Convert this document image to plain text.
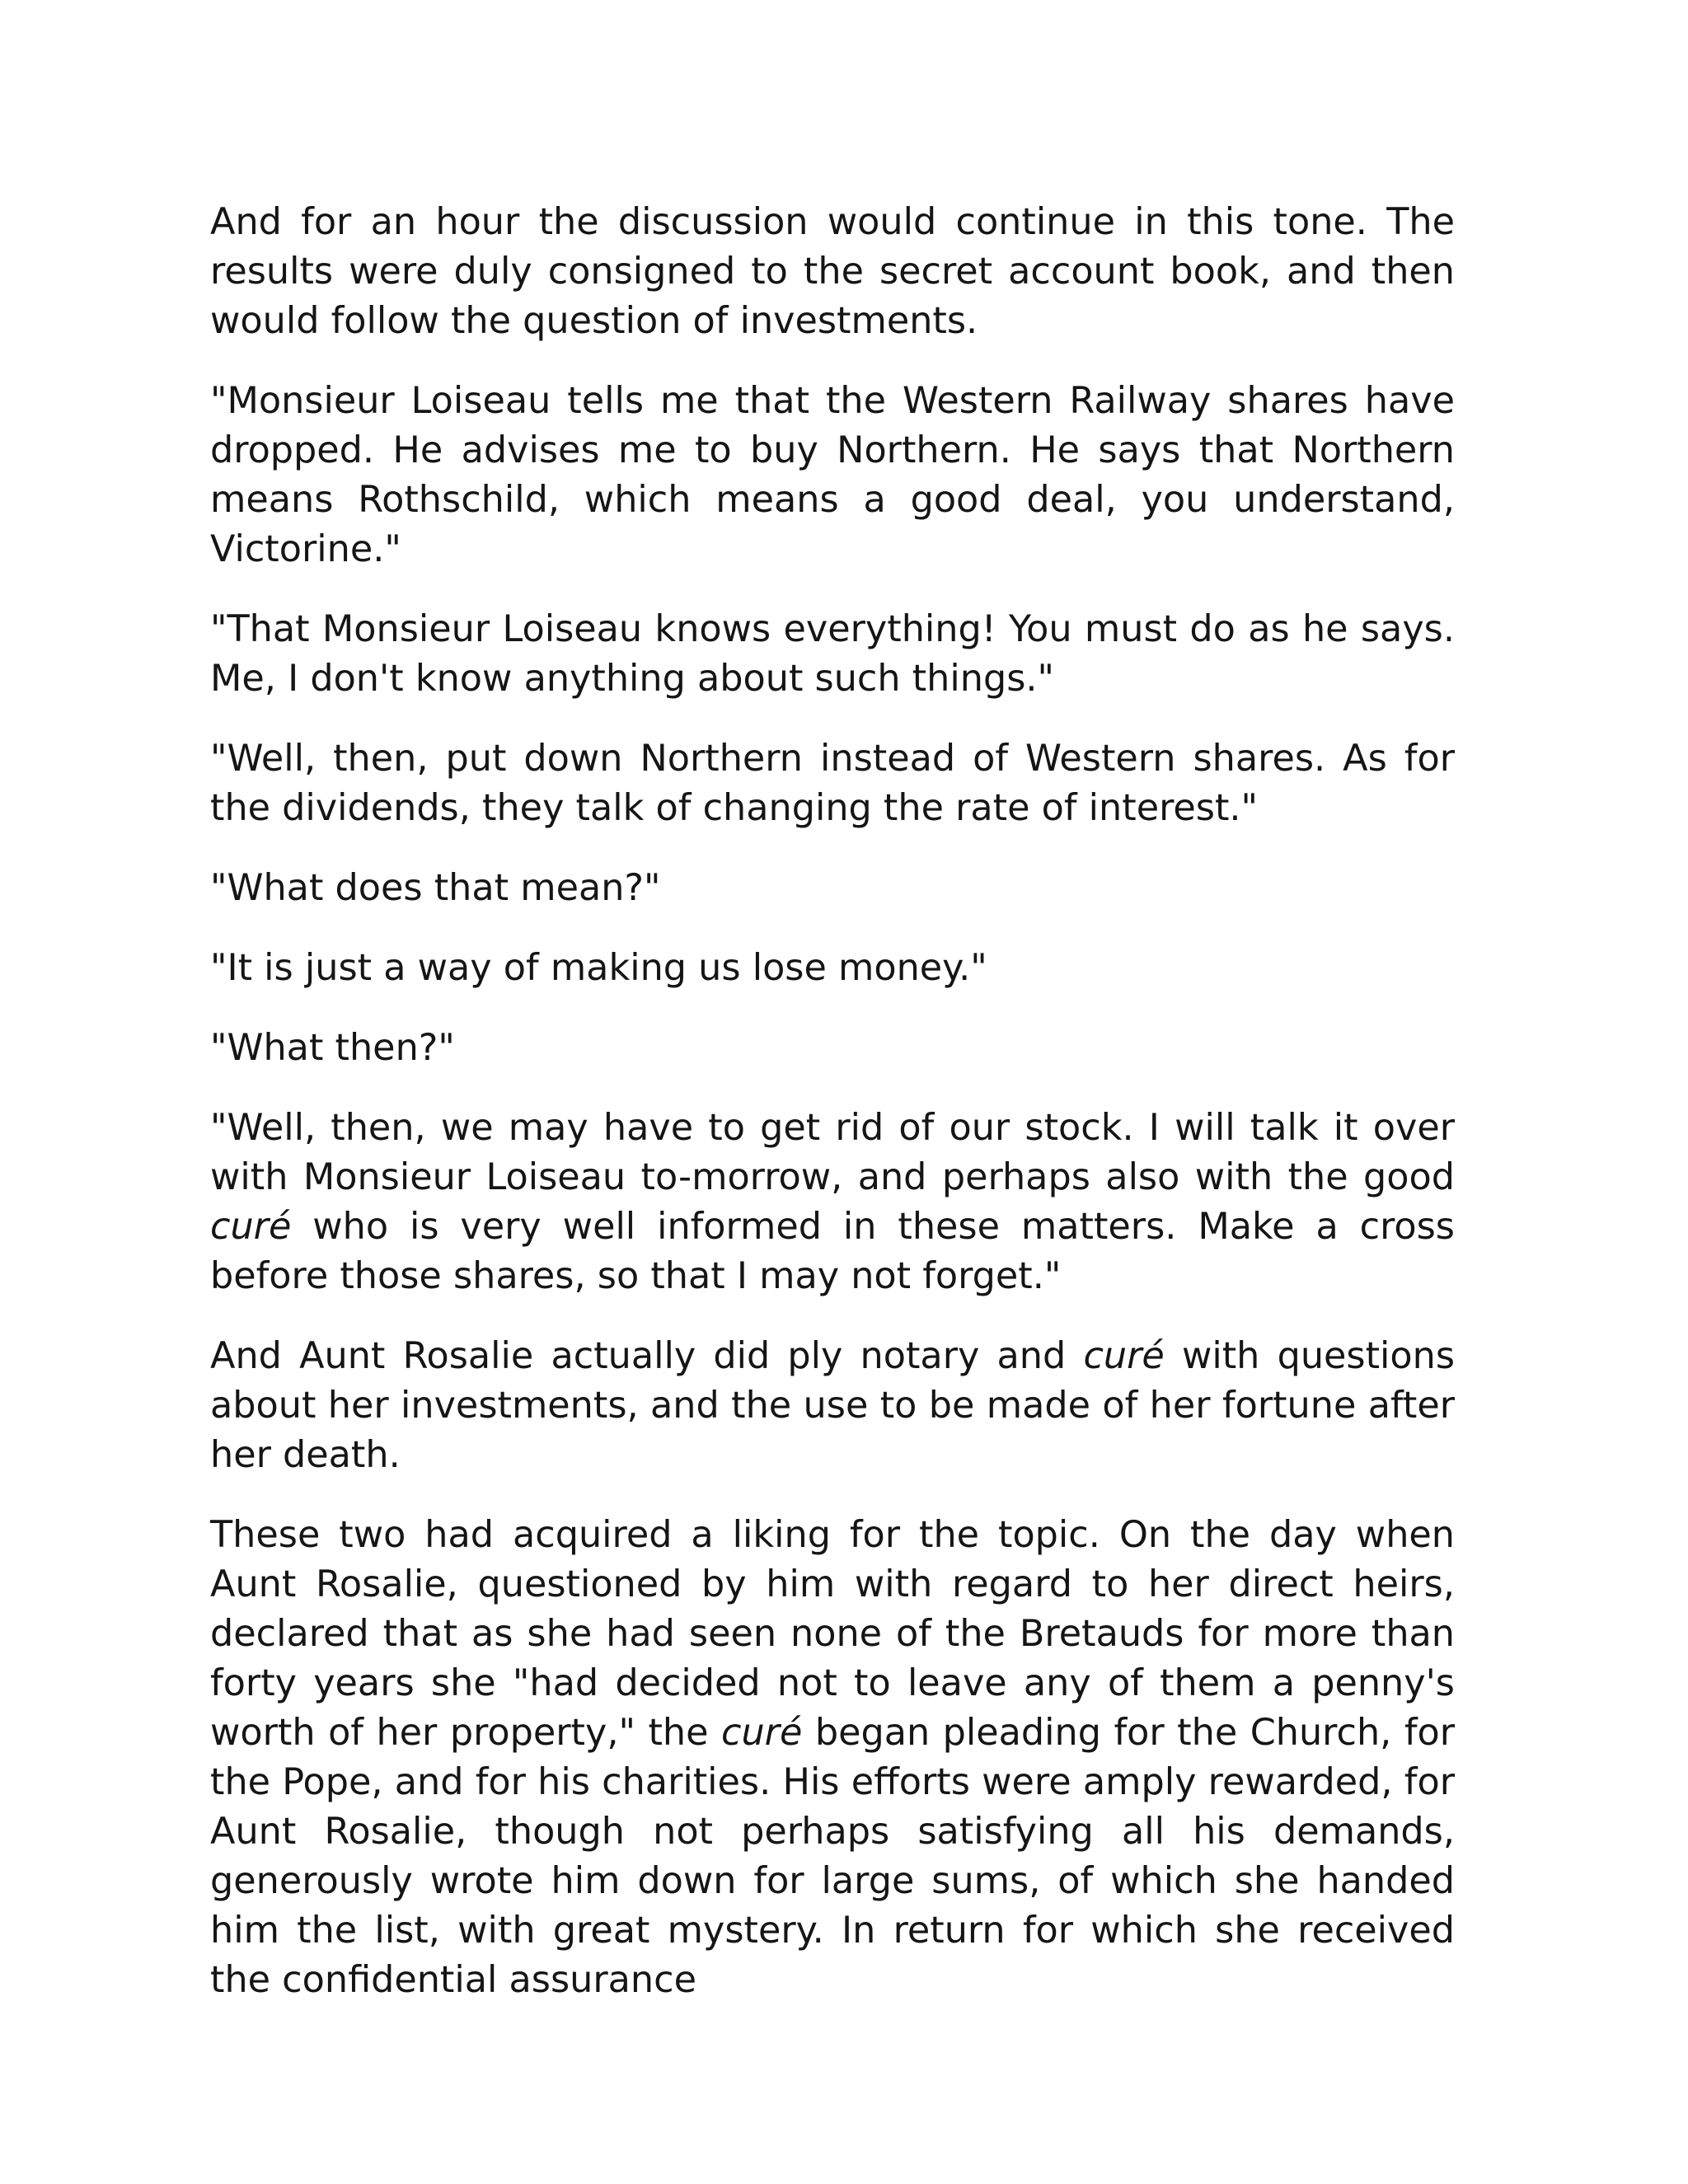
And for an hour the discussion would continue in this tone. The results were duly consigned to the secret account book, and then would follow the question of investments.

"Monsieur Loiseau tells me that the Western Railway shares have dropped. He advises me to buy Northern. He says that Northern means Rothschild, which means a good deal, you understand, Victorine."

"That Monsieur Loiseau knows everything! You must do as he says. Me, I don't know anything about such things."

"Well, then, put down Northern instead of Western shares. As for the dividends, they talk of changing the rate of interest."

"What does that mean?"

"It is just a way of making us lose money."

"What then?"

"Well, then, we may have to get rid of our stock. I will talk it over with Monsieur Loiseau to-morrow, and perhaps also with the good curé who is very well informed in these matters. Make a cross before those shares, so that I may not forget."

And Aunt Rosalie actually did ply notary and curé with questions about her investments, and the use to be made of her fortune after her death.

These two had acquired a liking for the topic. On the day when Aunt Rosalie, questioned by him with regard to her direct heirs, declared that as she had seen none of the Bretauds for more than forty years she "had decided not to leave any of them a penny's worth of her property," the curé began pleading for the Church, for the Pope, and for his charities. His efforts were amply rewarded, for Aunt Rosalie, though not perhaps satisfying all his demands, generously wrote him down for large sums, of which she handed him the list, with great mystery. In return for which she received the confidential assurance
